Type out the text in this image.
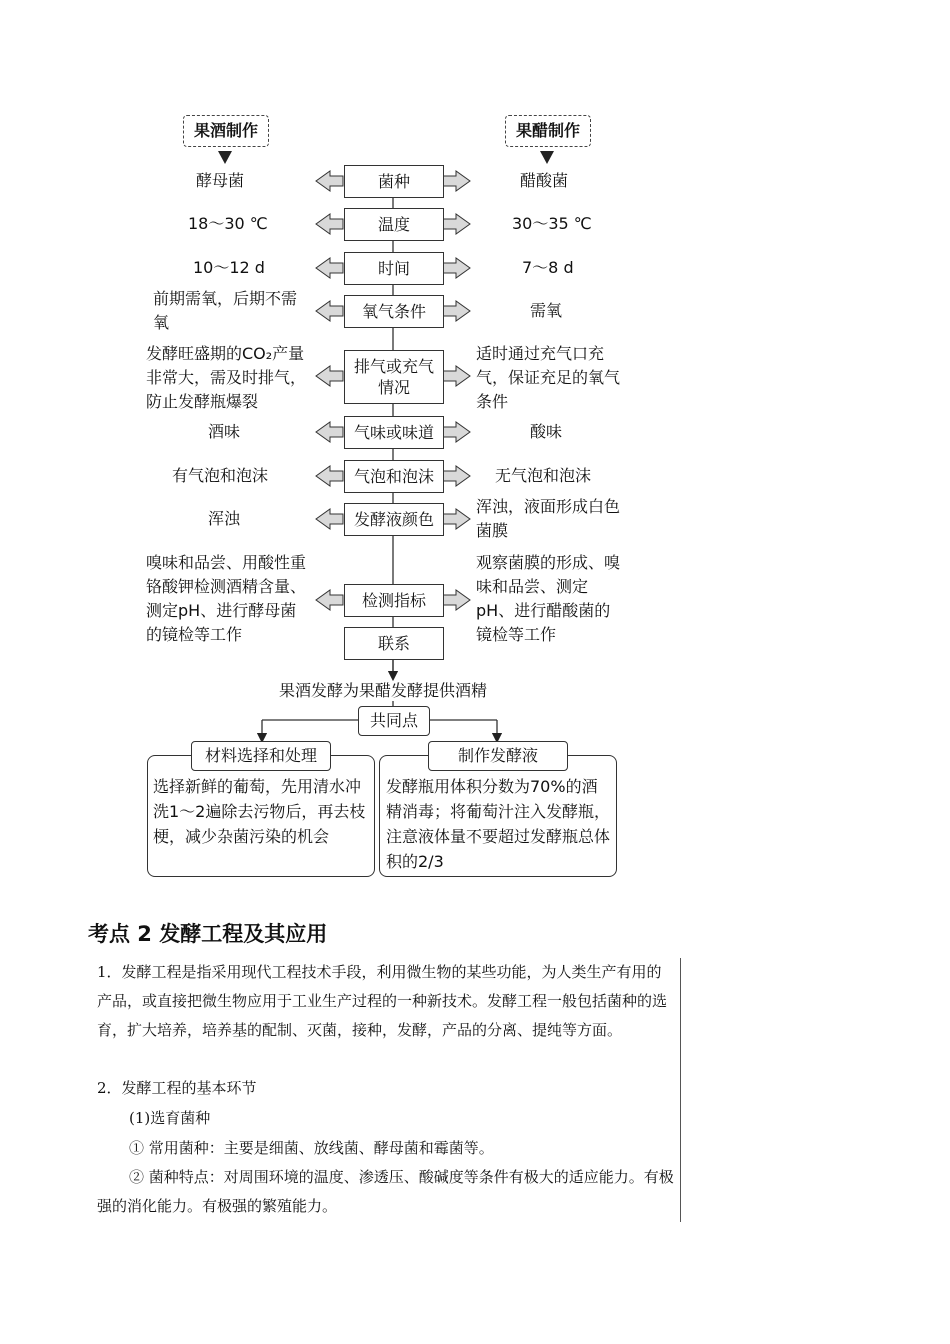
果酒制作	果醋制作
菌种
温度
时间
氧气条件
排气或充气情况
气味或味道
气泡和泡沫
发酵液颜色
检测指标
联系
酵母菌
18～30 ℃
10～12 d
前期需氧，后期不需氧
发酵旺盛期的CO₂产量非常大，需及时排气，防止发酵瓶爆裂
酒味
有气泡和泡沫
浑浊
嗅味和品尝、用酸性重铬酸钾检测酒精含量、测定pH、进行酵母菌的镜检等工作
醋酸菌
30～35 ℃
7～8 d
需氧
适时通过充气口充气，保证充足的氧气条件
酸味
无气泡和泡沫
浑浊，液面形成白色菌膜
观察菌膜的形成、嗅味和品尝、测定pH、进行醋酸菌的镜检等工作
果酒发酵为果醋发酵提供酒精
共同点
材料选择和处理
选择新鲜的葡萄，先用清水冲洗1～2遍除去污物后，再去枝梗，减少杂菌污染的机会
制作发酵液
发酵瓶用体积分数为70%的酒精消毒；将葡萄汁注入发酵瓶，注意液体量不要超过发酵瓶总体积的2/3
考点 2 发酵工程及其应用
1．发酵工程是指采用现代工程技术手段，利用微生物的某些功能，为人类生产有用的产品，或直接把微生物应用于工业生产过程的一种新技术。发酵工程一般包括菌种的选育，扩大培养，培养基的配制、灭菌，接种，发酵，产品的分离、提纯等方面。
2．发酵工程的基本环节
(1)选育菌种
① 常用菌种：主要是细菌、放线菌、酵母菌和霉菌等。
② 菌种特点：对周围环境的温度、渗透压、酸碱度等条件有极大的适应能力。有极强的消化能力。有极强的繁殖能力。
